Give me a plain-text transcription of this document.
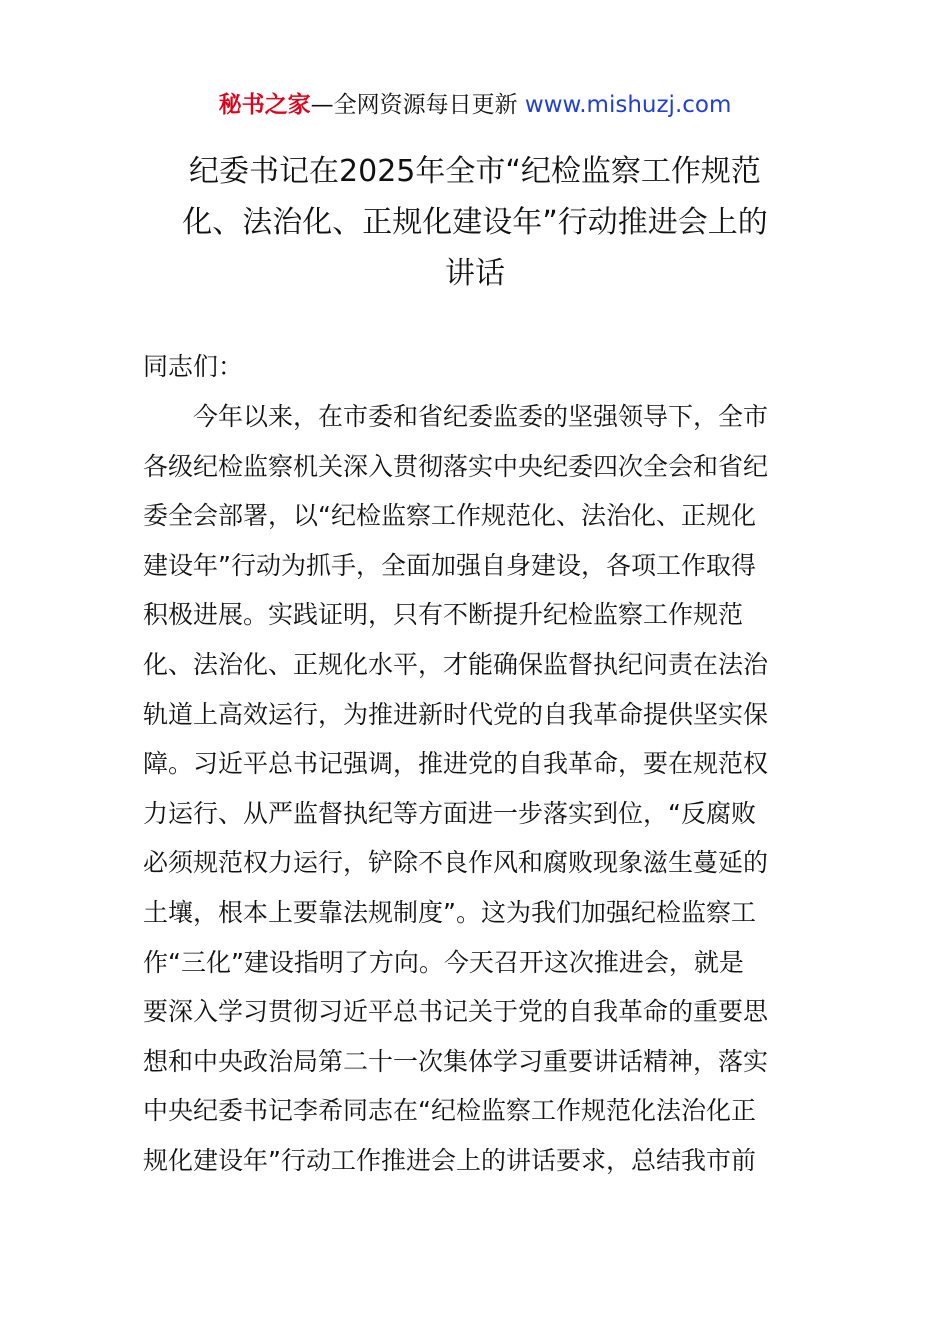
秘书之家—全网资源每日更新 www.mishuzj.com
纪委书记在2025年全市“纪检监察工作规范
化、法治化、正规化建设年”行动推进会上的
讲话
同志们：
　　今年以来，在市委和省纪委监委的坚强领导下，全市
各级纪检监察机关深入贯彻落实中央纪委四次全会和省纪
委全会部署，以“纪检监察工作规范化、法治化、正规化
建设年”行动为抓手，全面加强自身建设，各项工作取得
积极进展。实践证明，只有不断提升纪检监察工作规范
化、法治化、正规化水平，才能确保监督执纪问责在法治
轨道上高效运行，为推进新时代党的自我革命提供坚实保
障。习近平总书记强调，推进党的自我革命，要在规范权
力运行、从严监督执纪等方面进一步落实到位，“反腐败
必须规范权力运行，铲除不良作风和腐败现象滋生蔓延的
土壤，根本上要靠法规制度”。这为我们加强纪检监察工
作“三化”建设指明了方向。今天召开这次推进会，就是
要深入学习贯彻习近平总书记关于党的自我革命的重要思
想和中央政治局第二十一次集体学习重要讲话精神，落实
中央纪委书记李希同志在“纪检监察工作规范化法治化正
规化建设年”行动工作推进会上的讲话要求，总结我市前
